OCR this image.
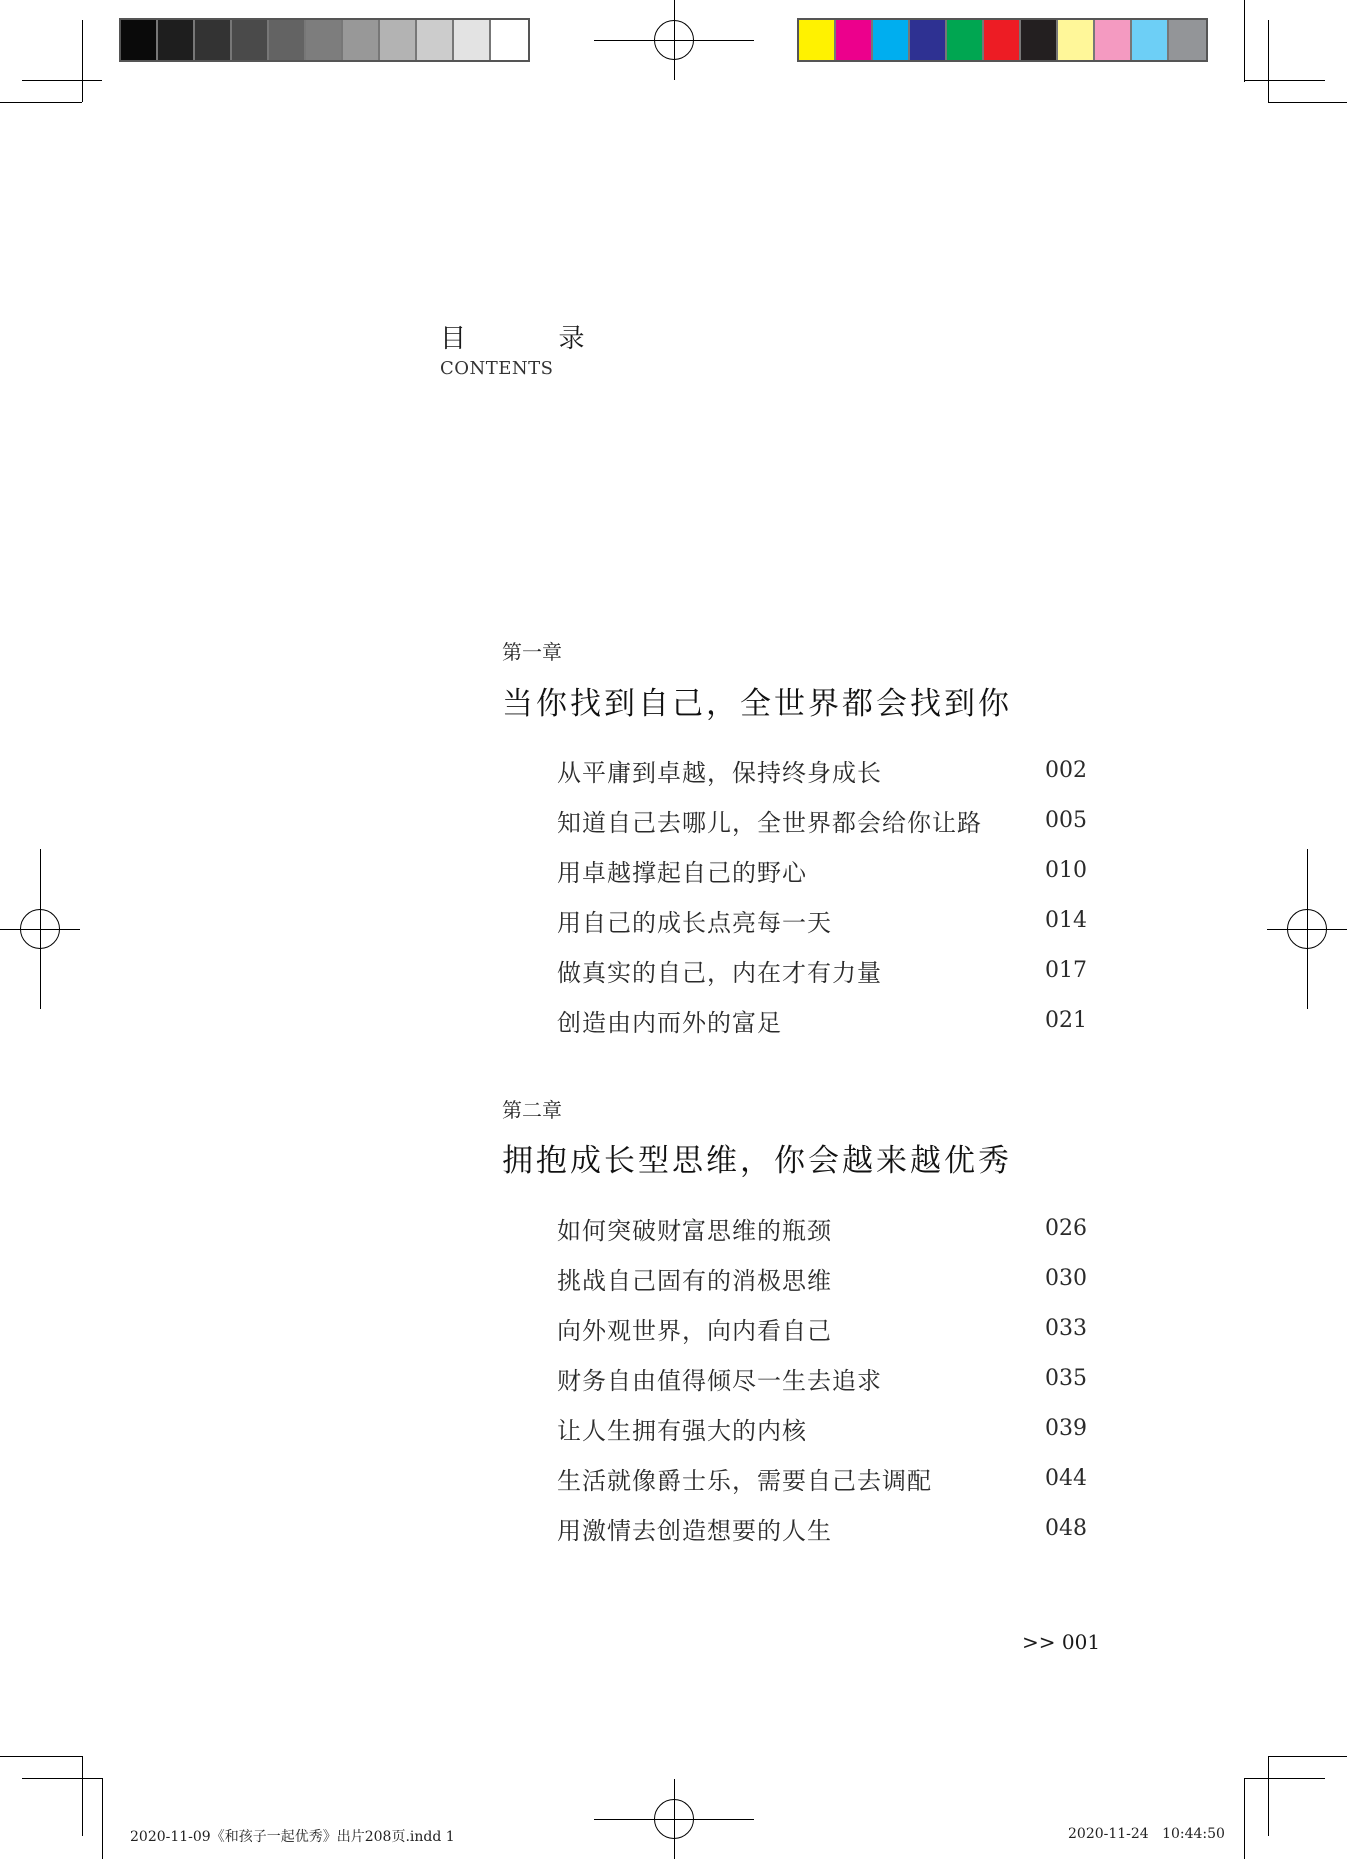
目	录
CONTENTS
第一章
当你找到自己，全世界都会找到你
从平庸到卓越，保持终身成长	002
知道自己去哪儿，全世界都会给你让路	005
用卓越撑起自己的野心	010
用自己的成长点亮每一天	014
做真实的自己，内在才有力量	017
创造由内而外的富足	021
第二章
拥抱成长型思维，你会越来越优秀
如何突破财富思维的瓶颈	026
挑战自己固有的消极思维	030
向外观世界，向内看自己	033
财务自由值得倾尽一生去追求	035
让人生拥有强大的内核	039
生活就像爵士乐，需要自己去调配	044
用激情去创造想要的人生	048
>> 001
2020-11-09《和孩子一起优秀》出片208页.indd 1	2020-11-24   10:44:50
